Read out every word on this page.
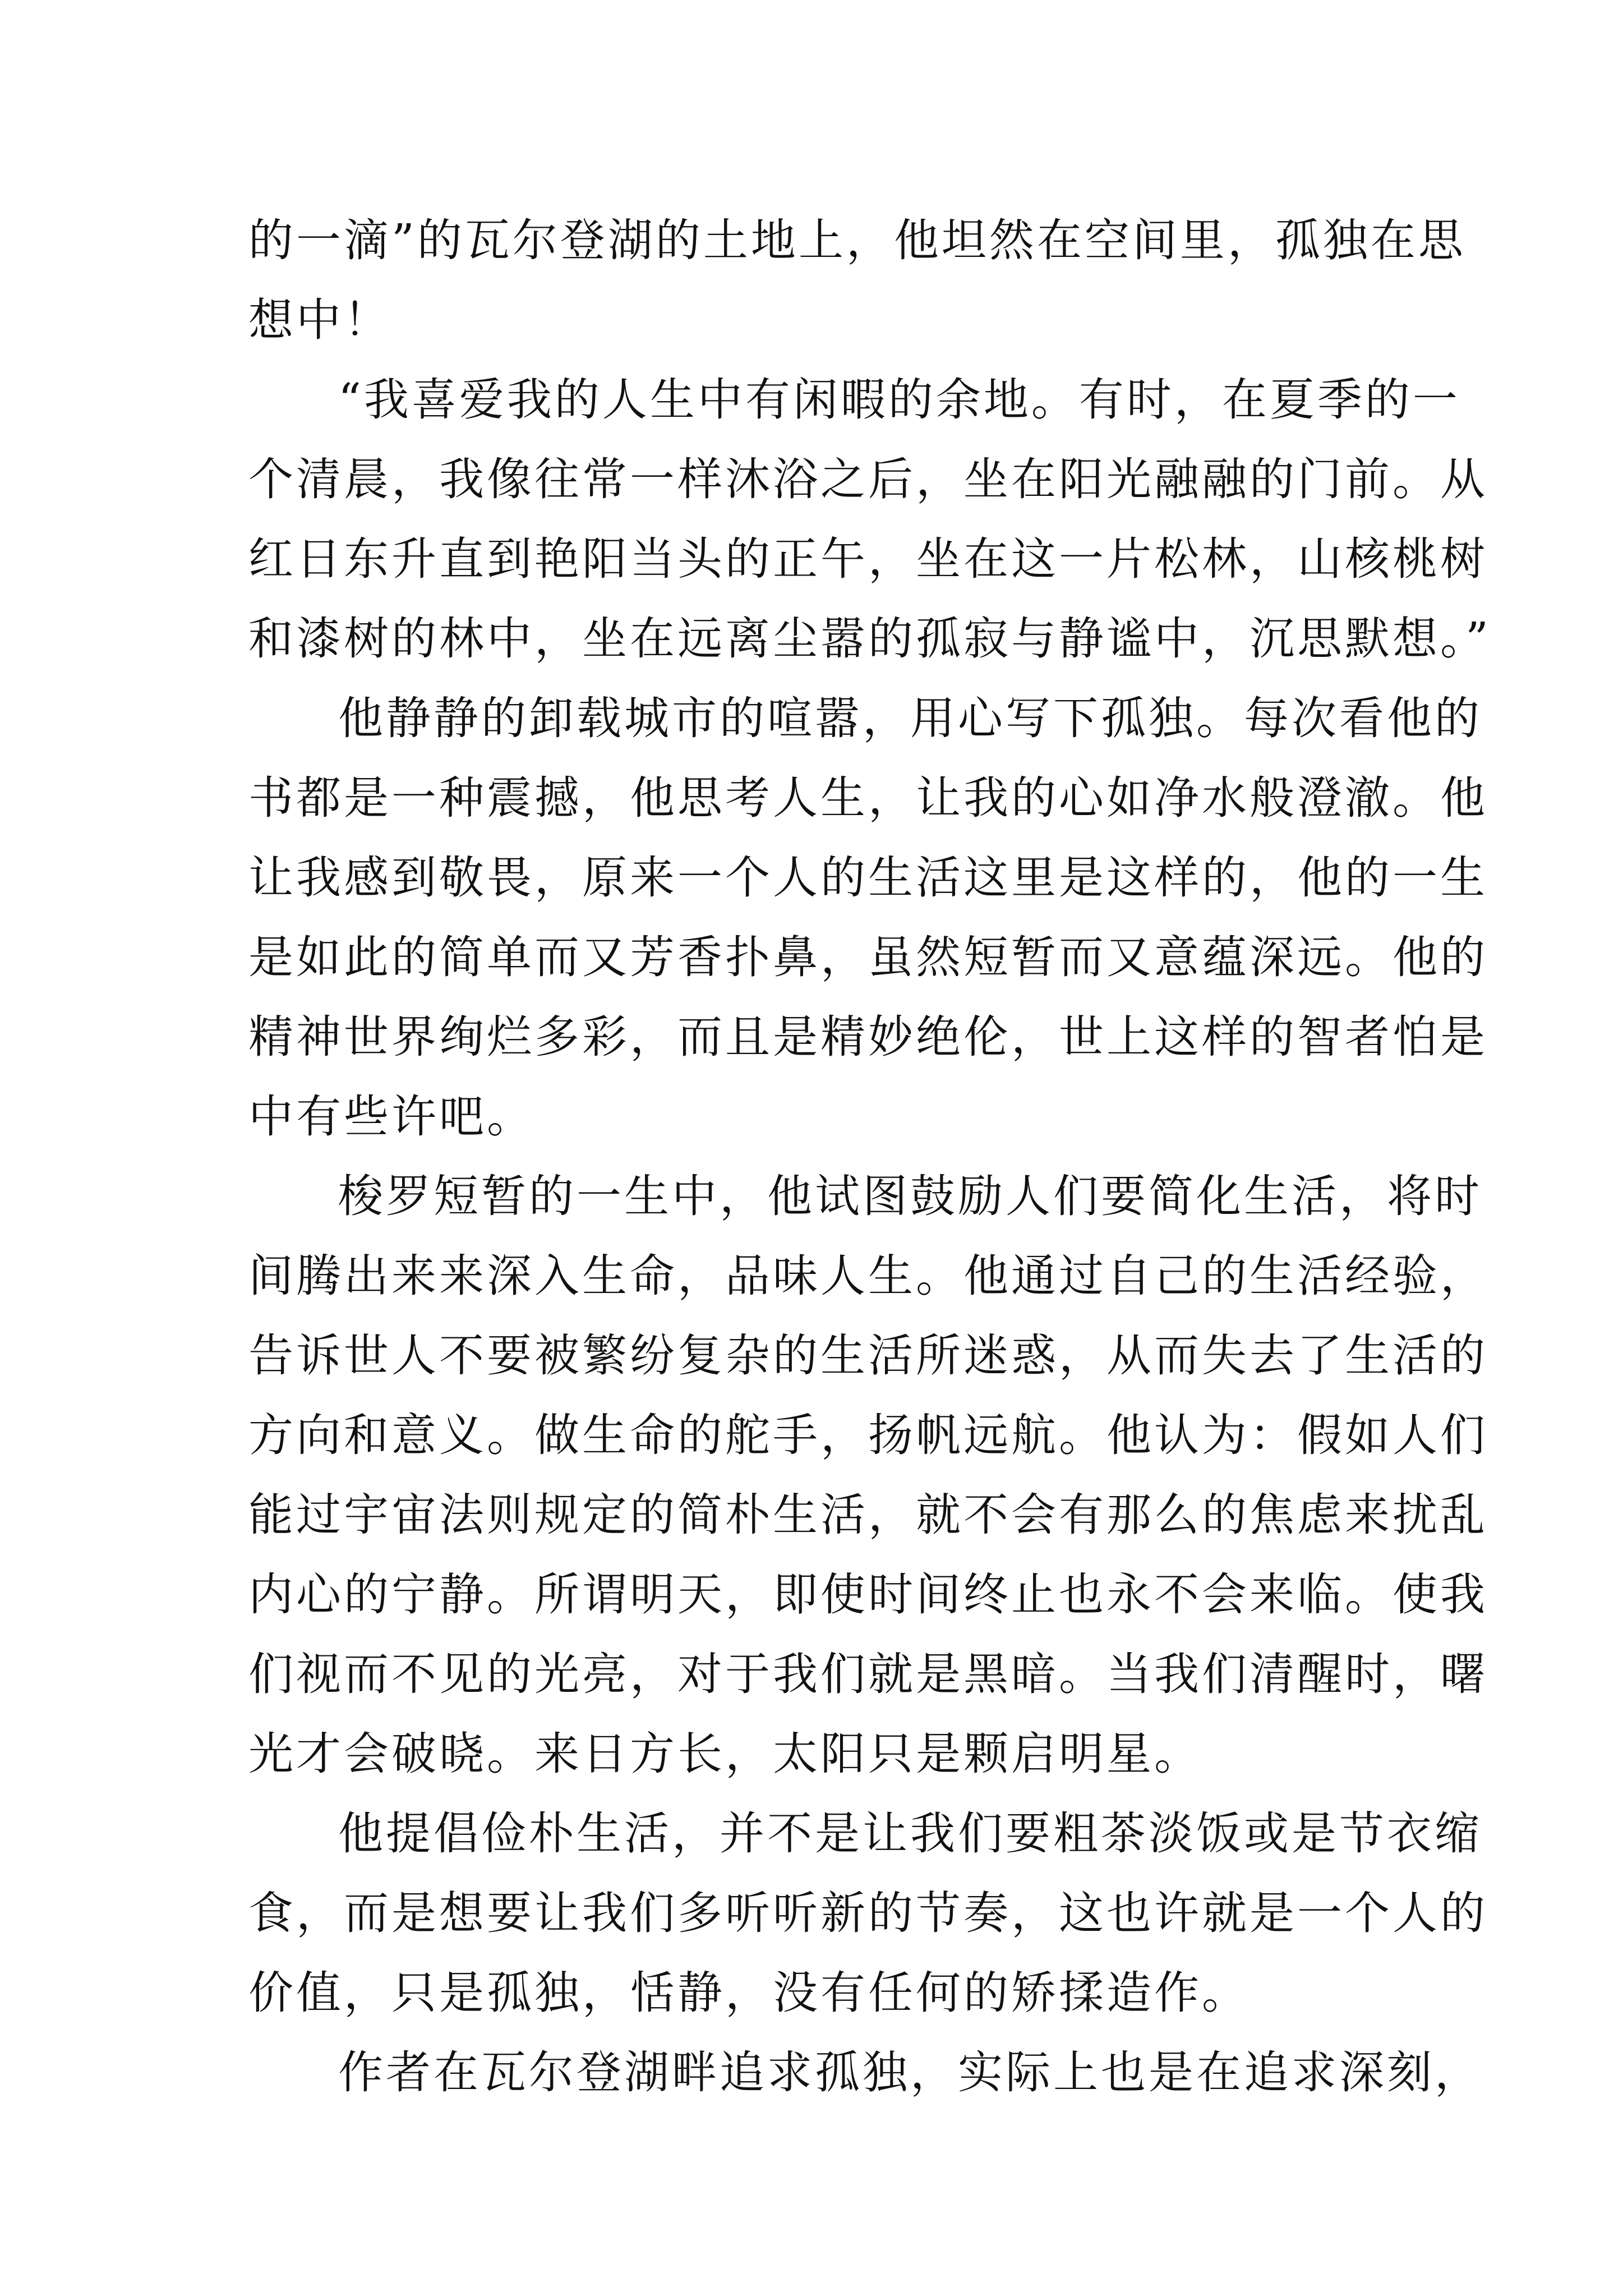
的一滴”的瓦尔登湖的土地上，他坦然在空间里，孤独在思
想中！
“我喜爱我的人生中有闲暇的余地。有时，在夏季的一
个清晨，我像往常一样沐浴之后，坐在阳光融融的门前。从
红日东升直到艳阳当头的正午，坐在这一片松林，山核桃树
和漆树的林中，坐在远离尘嚣的孤寂与静谧中，沉思默想。”
他静静的卸载城市的喧嚣，用心写下孤独。每次看他的
书都是一种震撼，他思考人生，让我的心如净水般澄澈。他
让我感到敬畏，原来一个人的生活这里是这样的，他的一生
是如此的简单而又芳香扑鼻，虽然短暂而又意蕴深远。他的
精神世界绚烂多彩，而且是精妙绝伦，世上这样的智者怕是
中有些许吧。
梭罗短暂的一生中，他试图鼓励人们要简化生活，将时
间腾出来来深入生命，品味人生。他通过自己的生活经验，
告诉世人不要被繁纷复杂的生活所迷惑，从而失去了生活的
方向和意义。做生命的舵手，扬帆远航。他认为：假如人们
能过宇宙法则规定的简朴生活，就不会有那么的焦虑来扰乱
内心的宁静。所谓明天，即使时间终止也永不会来临。使我
们视而不见的光亮，对于我们就是黑暗。当我们清醒时，曙
光才会破晓。来日方长，太阳只是颗启明星。
他提倡俭朴生活，并不是让我们要粗茶淡饭或是节衣缩
食，而是想要让我们多听听新的节奏，这也许就是一个人的
价值，只是孤独，恬静，没有任何的矫揉造作。
作者在瓦尔登湖畔追求孤独，实际上也是在追求深刻，
